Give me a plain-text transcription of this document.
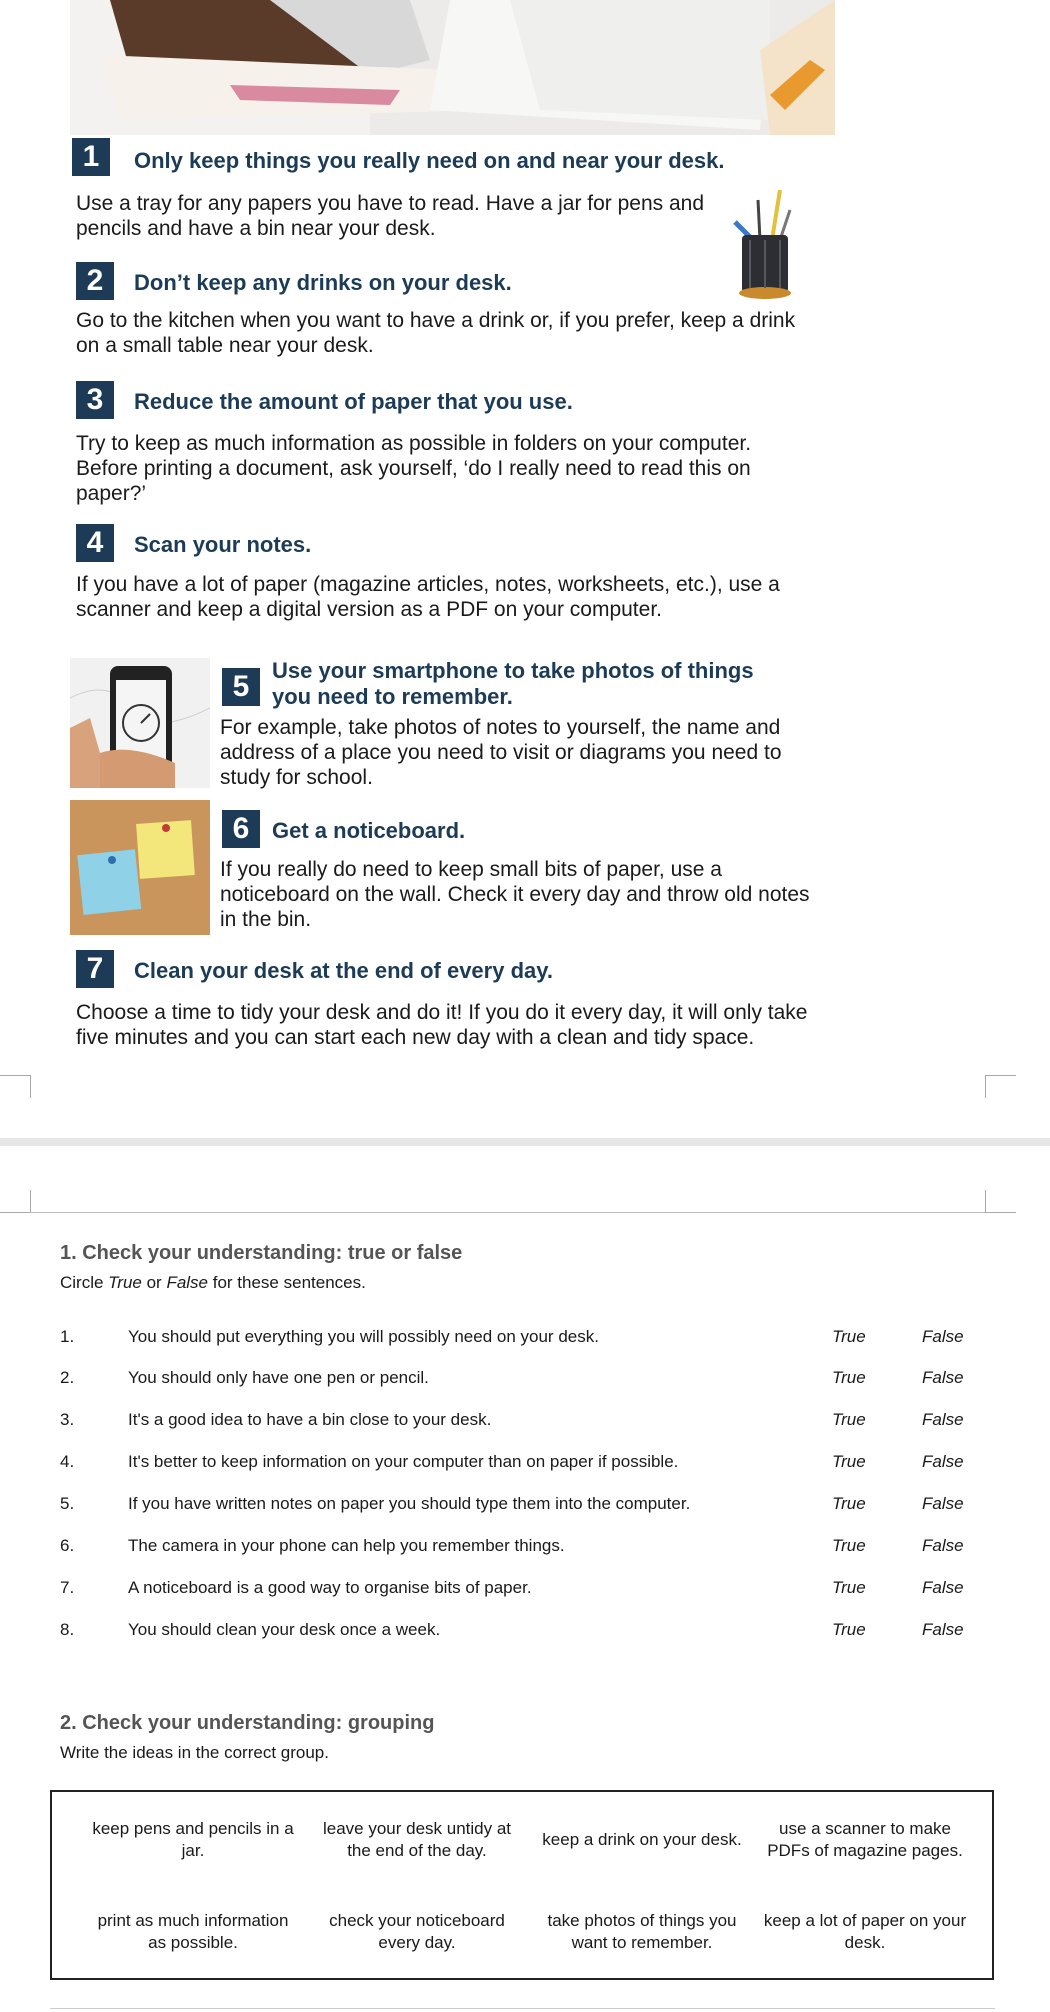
1	Only keep things you really need on and near your desk.
Use a tray for any papers you have to read. Have a jar for pens and pencils and have a bin near your desk.
2	Don’t keep any drinks on your desk.
Go to the kitchen when you want to have a drink or, if you prefer, keep a drink on a small table near your desk.
3	Reduce the amount of paper that you use.
Try to keep as much information as possible in folders on your computer. Before printing a document, ask yourself, ‘do I really need to read this on paper?’
4	Scan your notes.
If you have a lot of paper (magazine articles, notes, worksheets, etc.), use a scanner and keep a digital version as a PDF on your computer.
5	Use your smartphone to take photos of things you need to remember.
For example, take photos of notes to yourself, the name and address of a place you need to visit or diagrams you need to study for school.
6	Get a noticeboard.
If you really do need to keep small bits of paper, use a noticeboard on the wall. Check it every day and throw old notes in the bin.
7	Clean your desk at the end of every day.
Choose a time to tidy your desk and do it! If you do it every day, it will only take five minutes and you can start each new day with a clean and tidy space.
1. Check your understanding: true or false
Circle True or False for these sentences.
1.	You should put everything you will possibly need on your desk.	True	False
2.	You should only have one pen or pencil.	True	False
3.	It's a good idea to have a bin close to your desk.	True	False
4.	It's better to keep information on your computer than on paper if possible.	True	False
5.	If you have written notes on paper you should type them into the computer.	True	False
6.	The camera in your phone can help you remember things.	True	False
7.	A noticeboard is a good way to organise bits of paper.	True	False
8.	You should clean your desk once a week.	True	False
2. Check your understanding: grouping
Write the ideas in the correct group.
keep pens and pencils in a jar.
leave your desk untidy at the end of the day.
keep a drink on your desk.
use a scanner to make PDFs of magazine pages.
print as much information as possible.
check your noticeboard every day.
take photos of things you want to remember.
keep a lot of paper on your desk.
